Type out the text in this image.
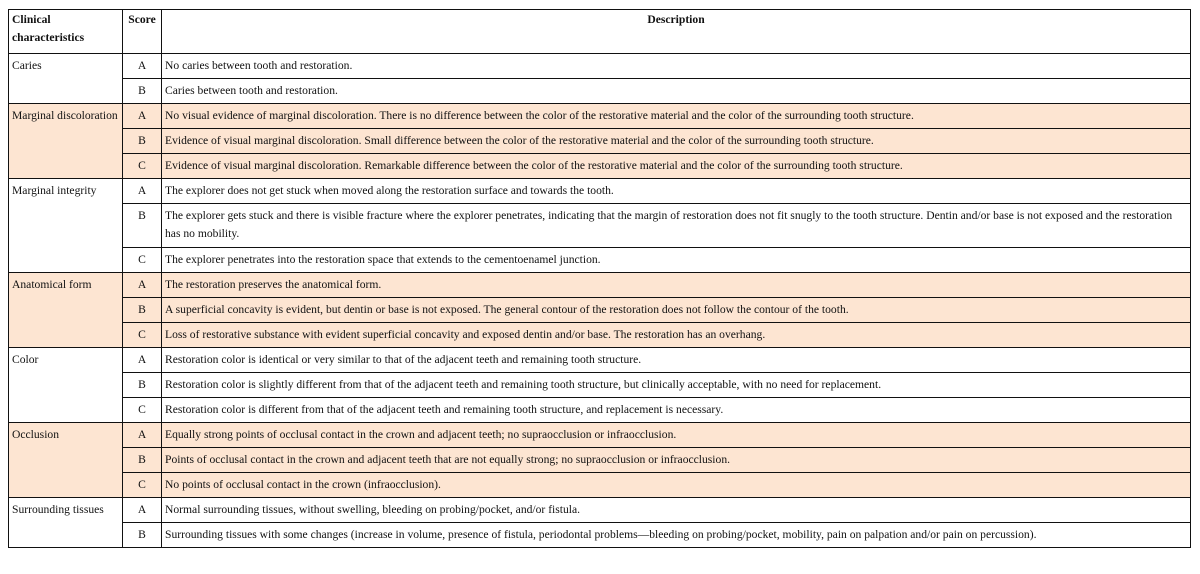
Clinical characteristics	Score	Description
Caries	A	No caries between tooth and restoration.
	B	Caries between tooth and restoration.
Marginal discoloration	A	No visual evidence of marginal discoloration. There is no difference between the color of the restorative material and the color of the surrounding tooth structure.
	B	Evidence of visual marginal discoloration. Small difference between the color of the restorative material and the color of the surrounding tooth structure.
	C	Evidence of visual marginal discoloration. Remarkable difference between the color of the restorative material and the color of the surrounding tooth structure.
Marginal integrity	A	The explorer does not get stuck when moved along the restoration surface and towards the tooth.
	B	The explorer gets stuck and there is visible fracture where the explorer penetrates, indicating that the margin of restoration does not fit snugly to the tooth structure. Dentin and/or base is not exposed and the restoration has no mobility.
	C	The explorer penetrates into the restoration space that extends to the cementoenamel junction.
Anatomical form	A	The restoration preserves the anatomical form.
	B	A superficial concavity is evident, but dentin or base is not exposed. The general contour of the restoration does not follow the contour of the tooth.
	C	Loss of restorative substance with evident superficial concavity and exposed dentin and/or base. The restoration has an overhang.
Color	A	Restoration color is identical or very similar to that of the adjacent teeth and remaining tooth structure.
	B	Restoration color is slightly different from that of the adjacent teeth and remaining tooth structure, but clinically acceptable, with no need for replacement.
	C	Restoration color is different from that of the adjacent teeth and remaining tooth structure, and replacement is necessary.
Occlusion	A	Equally strong points of occlusal contact in the crown and adjacent teeth; no supraocclusion or infraocclusion.
	B	Points of occlusal contact in the crown and adjacent teeth that are not equally strong; no supraocclusion or infraocclusion.
	C	No points of occlusal contact in the crown (infraocclusion).
Surrounding tissues	A	Normal surrounding tissues, without swelling, bleeding on probing/pocket, and/or fistula.
	B	Surrounding tissues with some changes (increase in volume, presence of fistula, periodontal problems—bleeding on probing/pocket, mobility, pain on palpation and/or pain on percussion).
